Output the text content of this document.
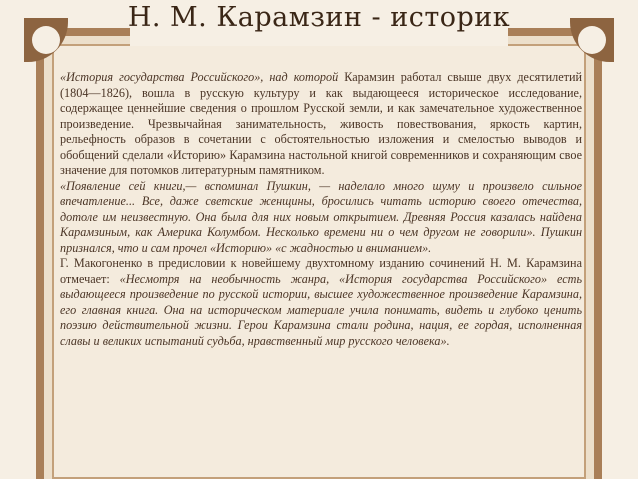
Н. М. Карамзин - историк

«История государства Российского», над которой Карамзин работал свыше двух десятилетий (1804—1826), вошла в русскую культуру и как выдающееся историческое исследование, содержащее ценнейшие сведения о прошлом Русской земли, и как замечательное художественное произведение. Чрезвычайная занимательность, живость повествования, яркость картин, рельефность образов в сочетании с обстоятельностью изложения и смелостью выводов и обобщений сделали «Историю» Карамзина настольной книгой современников и сохраняющим свое значение для потомков литературным памятником.

«Появление сей книги,— вспоминал Пушкин, — наделало много шуму и произвело сильное впечатление... Все, даже светские женщины, бросились читать историю своего отечества, дотоле им неизвестную. Она была для них новым открытием. Древняя Россия казалась найдена Карамзиным, как Америка Колумбом. Несколько времени ни о чем другом не говорили». Пушкин признался, что и сам прочел «Историю» «с жадностью и вниманием».

Г. Макогоненко в предисловии к новейшему двухтомному изданию сочинений Н. М. Карамзина отмечает: «Несмотря на необычность жанра, «История государства Российского» есть выдающееся произведение по русской истории, высшее художественное произведение Карамзина, его главная книга. Она на историческом материале учила понимать, видеть и глубоко ценить поэзию действительной жизни. Герои Карамзина стали родина, нация, ее гордая, исполненная славы и великих испытаний судьба, нравственный мир русского человека».
